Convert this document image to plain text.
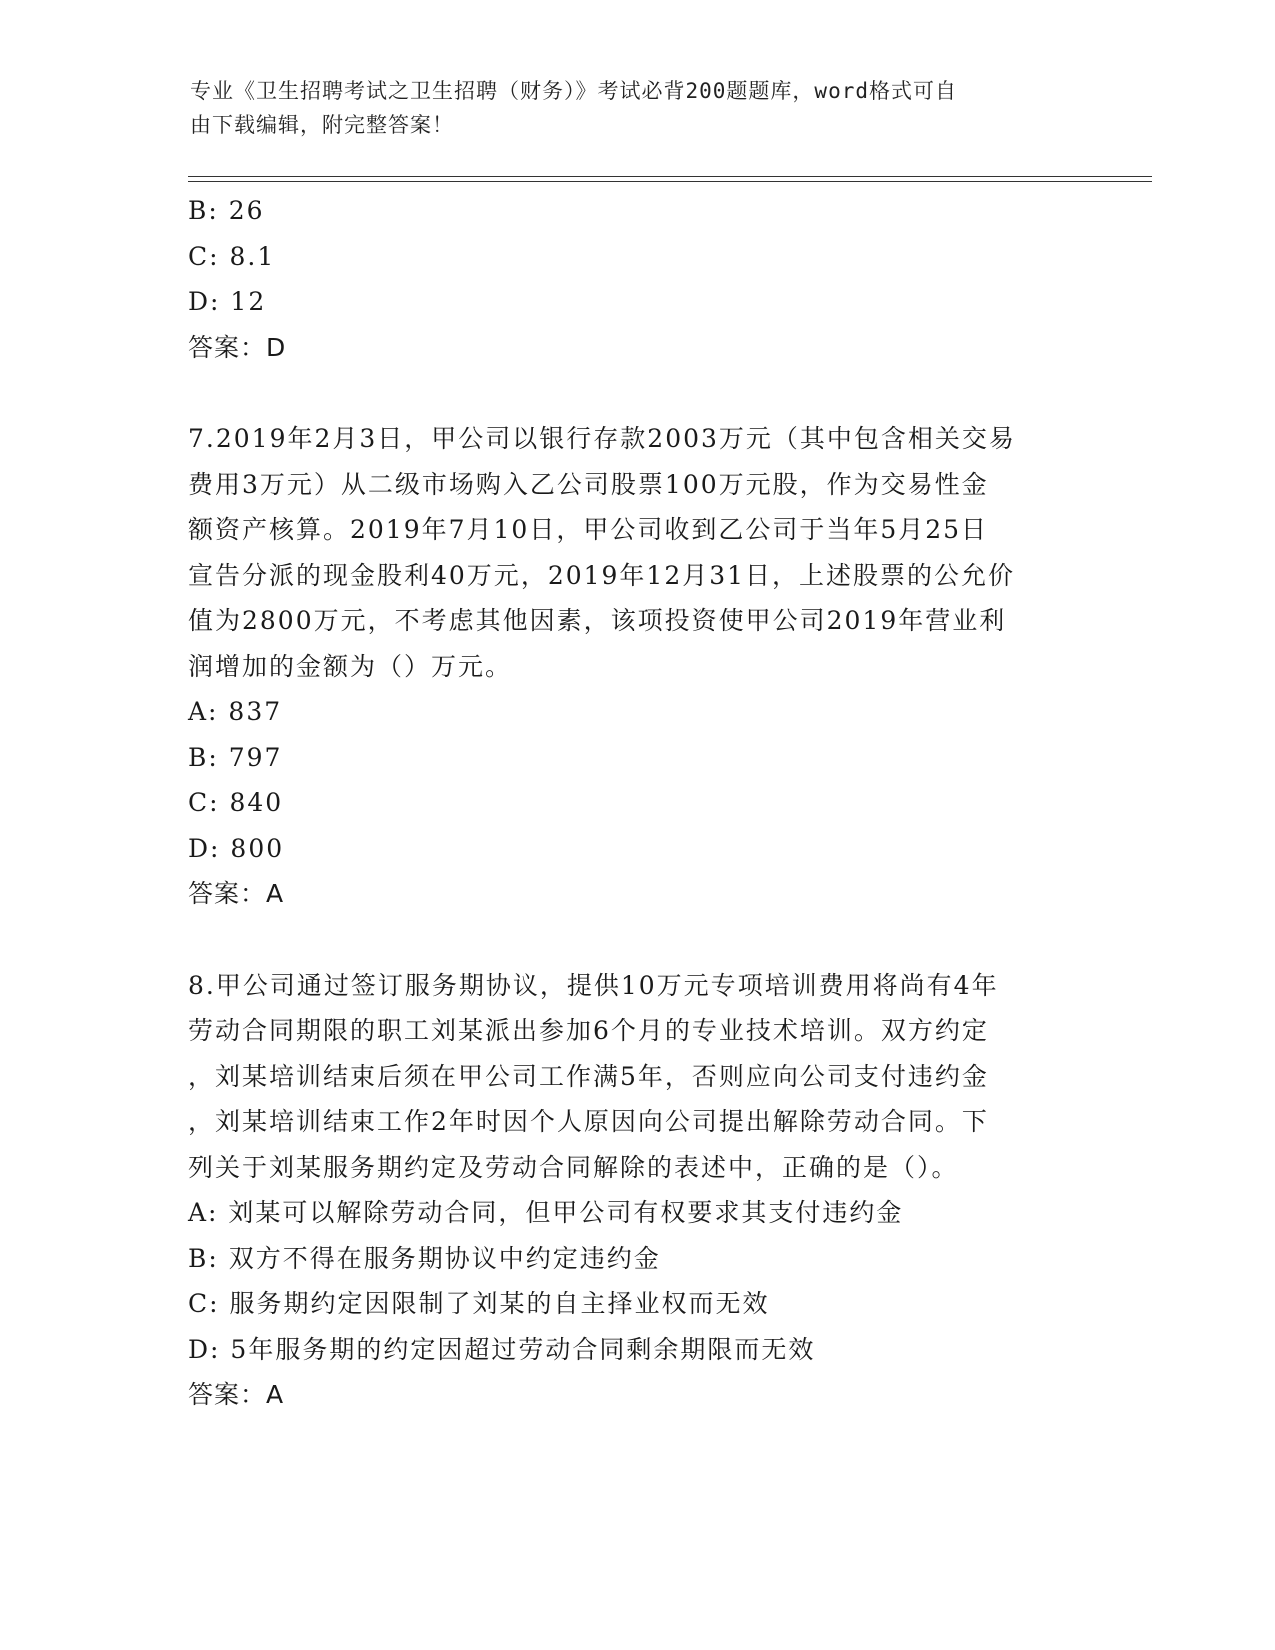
专业《卫生招聘考试之卫生招聘（财务）》考试必背200题题库，word格式可自
由下载编辑，附完整答案！
B: 26
C: 8.1
D: 12
答案：D
7.2019年2月3日，甲公司以银行存款2003万元（其中包含相关交易
费用3万元）从二级市场购入乙公司股票100万元股，作为交易性金
额资产核算。2019年7月10日，甲公司收到乙公司于当年5月25日
宣告分派的现金股利40万元，2019年12月31日，上述股票的公允价
值为2800万元，不考虑其他因素，该项投资使甲公司2019年营业利
润增加的金额为（）万元。
A: 837
B: 797
C: 840
D: 800
答案：A
8.甲公司通过签订服务期协议，提供10万元专项培训费用将尚有4年
劳动合同期限的职工刘某派出参加6个月的专业技术培训。双方约定
，刘某培训结束后须在甲公司工作满5年，否则应向公司支付违约金
，刘某培训结束工作2年时因个人原因向公司提出解除劳动合同。下
列关于刘某服务期约定及劳动合同解除的表述中，正确的是（）。
A: 刘某可以解除劳动合同，但甲公司有权要求其支付违约金
B: 双方不得在服务期协议中约定违约金
C: 服务期约定因限制了刘某的自主择业权而无效
D: 5年服务期的约定因超过劳动合同剩余期限而无效
答案：A
